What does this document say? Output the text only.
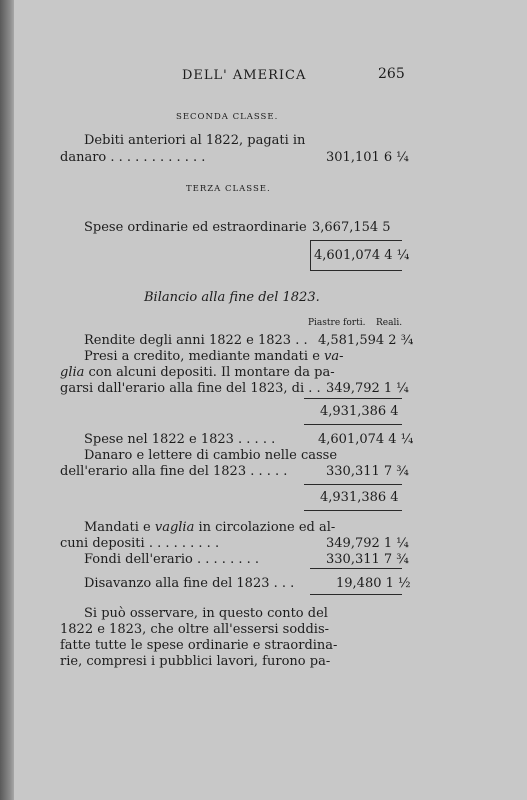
DELL' AMERICA	265
SECONDA CLASSE.
Debiti anteriori al 1822, pagati in
danaro . . . . . . . . . . . .	301,101 6 ¼
TERZA CLASSE.
Spese ordinarie ed estraordinarie 3,667,154 5
4,601,074 4 ¼
Bilancio alla fine del 1823.
Piastre forti. Reali.
Rendite degli anni 1822 e 1823 . . 4,581,594 2 ¾
Presi a credito, mediante mandati e va-
glia con alcuni depositi. Il montare da pa-
garsi dall'erario alla fine del 1823, di . . 349,792 1 ¼
4,931,386 4
Spese nel 1822 e 1823 . . . . .	4,601,074 4 ¼
Danaro e lettere di cambio nelle casse
dell'erario alla fine del 1823 . . . . .	330,311 7 ¾
4,931,386 4
Mandati e vaglia in circolazione ed al-
cuni depositi . . . . . . . . .	349,792 1 ¼
Fondi dell'erario . . . . . . . .	330,311 7 ¾
Disavanzo alla fine del 1823 . . .	19,480 1 ½
Si può osservare, in questo conto del
1822 e 1823, che oltre all'essersi soddis-
fatte tutte le spese ordinarie e straordina-
rie, compresi i pubblici lavori, furono pa-
